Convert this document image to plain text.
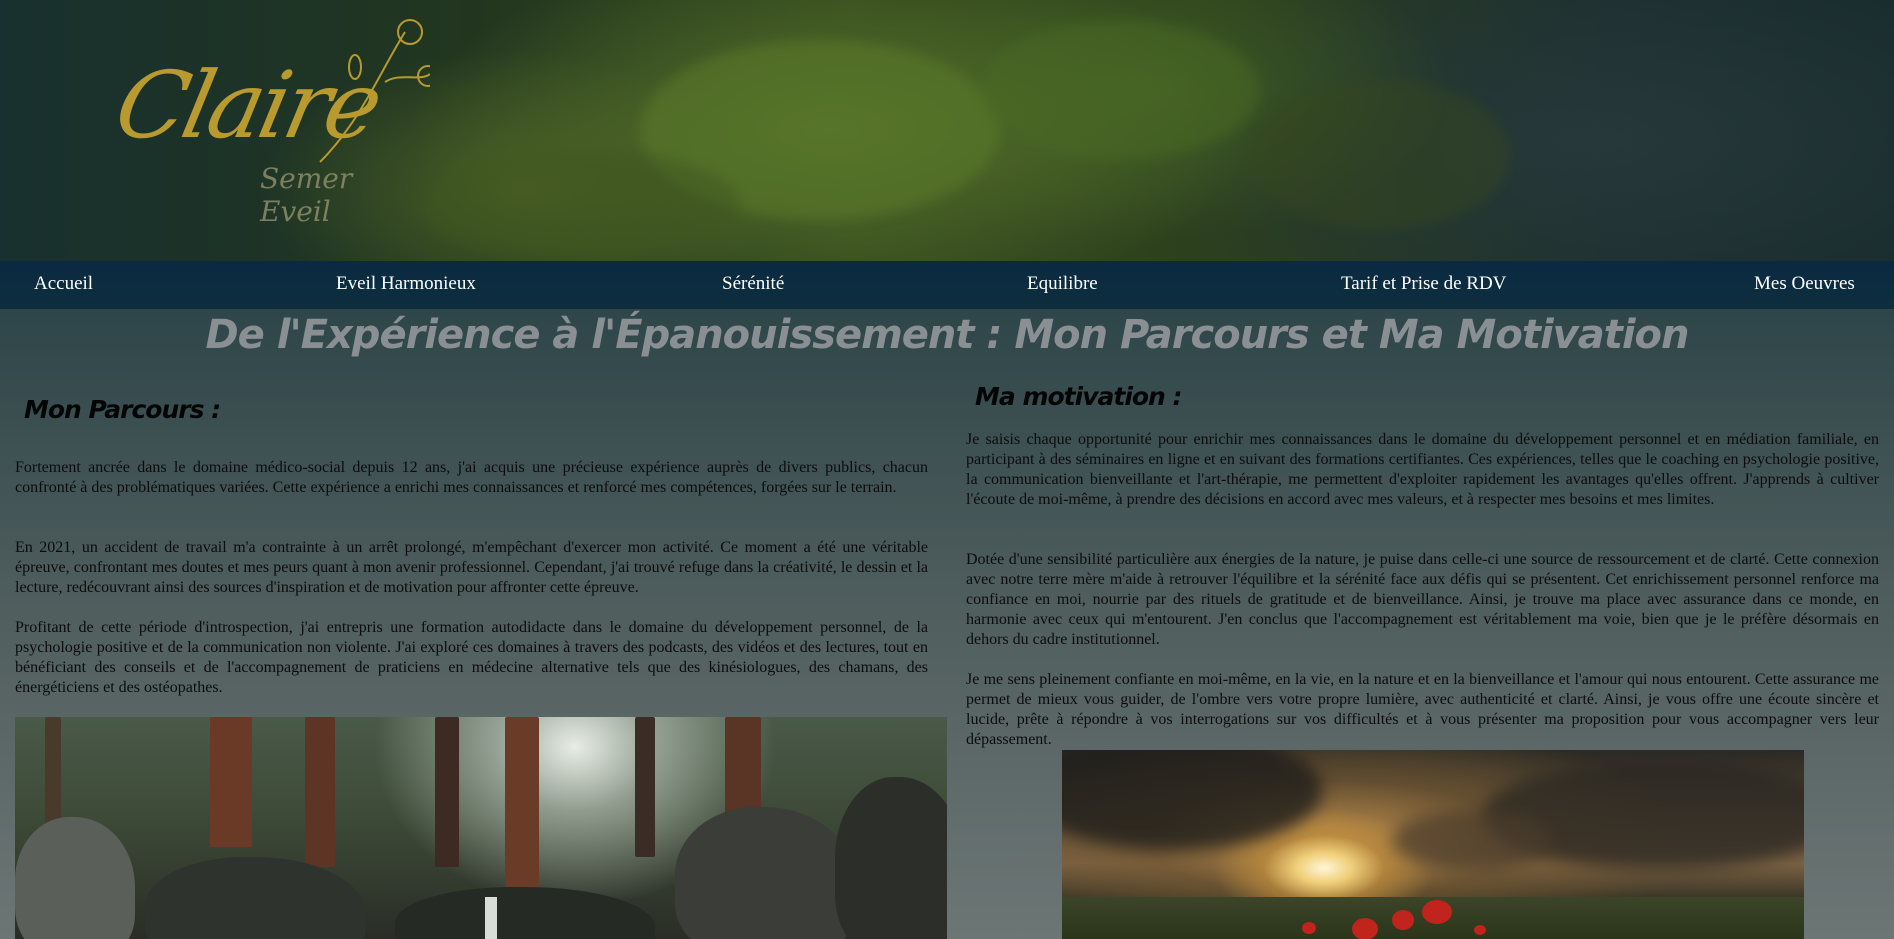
Claire
Semer Eveil
Accueil	Eveil Harmonieux	Sérénité	Equilibre	Tarif et Prise de RDV	Mes Oeuvres
De l'Expérience à l'Épanouissement : Mon Parcours et Ma Motivation
Mon Parcours :

Fortement ancrée dans le domaine médico-social depuis 12 ans, j'ai acquis une précieuse expérience auprès de divers publics, chacun confronté à des problématiques variées. Cette expérience a enrichi mes connaissances et renforcé mes compétences, forgées sur le terrain.

En 2021, un accident de travail m'a contrainte à un arrêt prolongé, m'empêchant d'exercer mon activité. Ce moment a été une véritable épreuve, confrontant mes doutes et mes peurs quant à mon avenir professionnel. Cependant, j'ai trouvé refuge dans la créativité, le dessin et la lecture, redécouvrant ainsi des sources d'inspiration et de motivation pour affronter cette épreuve.

Profitant de cette période d'introspection, j'ai entrepris une formation autodidacte dans le domaine du développement personnel, de la psychologie positive et de la communication non violente. J'ai exploré ces domaines à travers des podcasts, des vidéos et des lectures, tout en bénéficiant des conseils et de l'accompagnement de praticiens en médecine alternative tels que des kinésiologues, des chamans, des énergéticiens et des ostéopathes.

Ma motivation :

Je saisis chaque opportunité pour enrichir mes connaissances dans le domaine du développement personnel et en médiation familiale, en participant à des séminaires en ligne et en suivant des formations certifiantes. Ces expériences, telles que le coaching en psychologie positive, la communication bienveillante et l'art-thérapie, me permettent d'exploiter rapidement les avantages qu'elles offrent. J'apprends à cultiver l'écoute de moi-même, à prendre des décisions en accord avec mes valeurs, et à respecter mes besoins et mes limites.

Dotée d'une sensibilité particulière aux énergies de la nature, je puise dans celle-ci une source de ressourcement et de clarté. Cette connexion avec notre terre mère m'aide à retrouver l'équilibre et la sérénité face aux défis qui se présentent. Cet enrichissement personnel renforce ma confiance en moi, nourrie par des rituels de gratitude et de bienveillance. Ainsi, je trouve ma place avec assurance dans ce monde, en harmonie avec ceux qui m'entourent. J'en conclus que l'accompagnement est véritablement ma voie, bien que je le préfère désormais en dehors du cadre institutionnel.

Je me sens pleinement confiante en moi-même, en la vie, en la nature et en la bienveillance et l'amour qui nous entourent. Cette assurance me permet de mieux vous guider, de l'ombre vers votre propre lumière, avec authenticité et clarté. Ainsi, je vous offre une écoute sincère et lucide, prête à répondre à vos interrogations sur vos difficultés et à vous présenter ma proposition pour vous accompagner vers leur dépassement.
